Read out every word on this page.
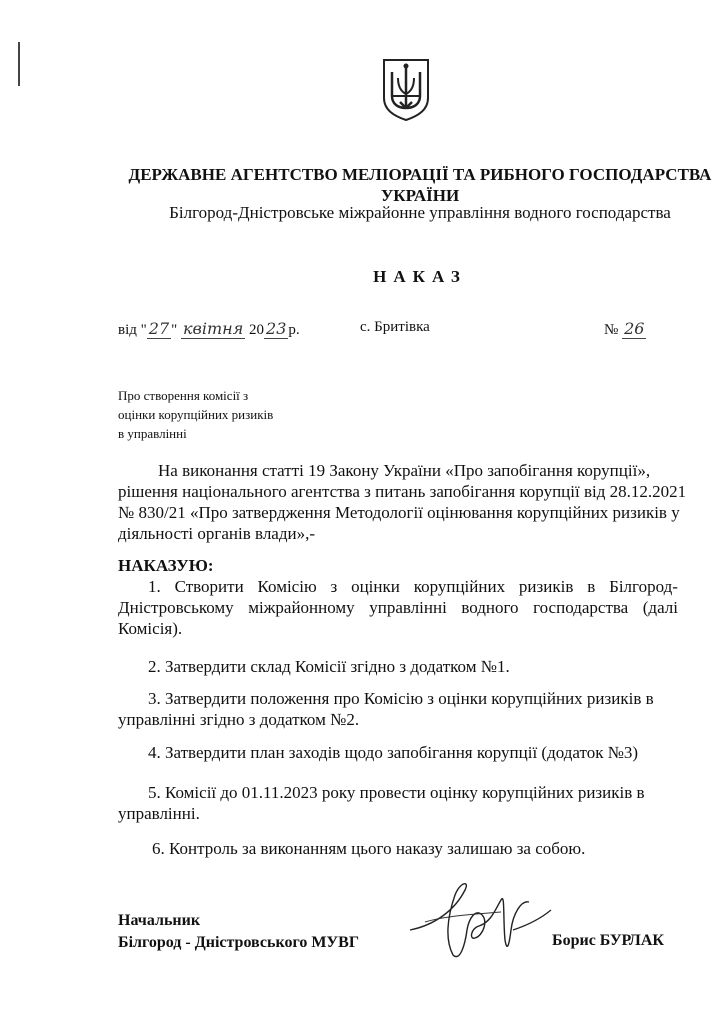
ДЕРЖАВНЕ АГЕНТСТВО МЕЛІОРАЦІЇ ТА РИБНОГО ГОСПОДАРСТВА
УКРАЇНИ
Білгород-Дністровське міжрайонне управління водного господарства
НАКАЗ
від " 27 " квітня 20 23 р.	с. Бритівка	№ 26
Про створення комісії з
оцінки корупційних ризиків
в управлінні
На виконання статті 19 Закону України «Про запобігання корупції»,
рішення національного агентства з питань запобігання корупції від 28.12.2021
№ 830/21 «Про затвердження Методології оцінювання корупційних ризиків у
діяльності органів влади»,-
НАКАЗУЮ:
1. Створити Комісію з оцінки корупційних ризиків в Білгород-
Дністровському міжрайонному управлінні водного господарства (далі
Комісія).
2. Затвердити склад Комісії згідно з додатком №1.
3. Затвердити положення про Комісію з оцінки корупційних ризиків в
управлінні згідно з додатком №2.
4. Затвердити план заходів щодо запобігання корупції (додаток №3)
5. Комісії до 01.11.2023 року провести оцінку корупційних ризиків в
управлінні.
6. Контроль за виконанням цього наказу залишаю за собою.
Начальник
Білгород - Дністровського МУВГ	Борис БУРЛАК
